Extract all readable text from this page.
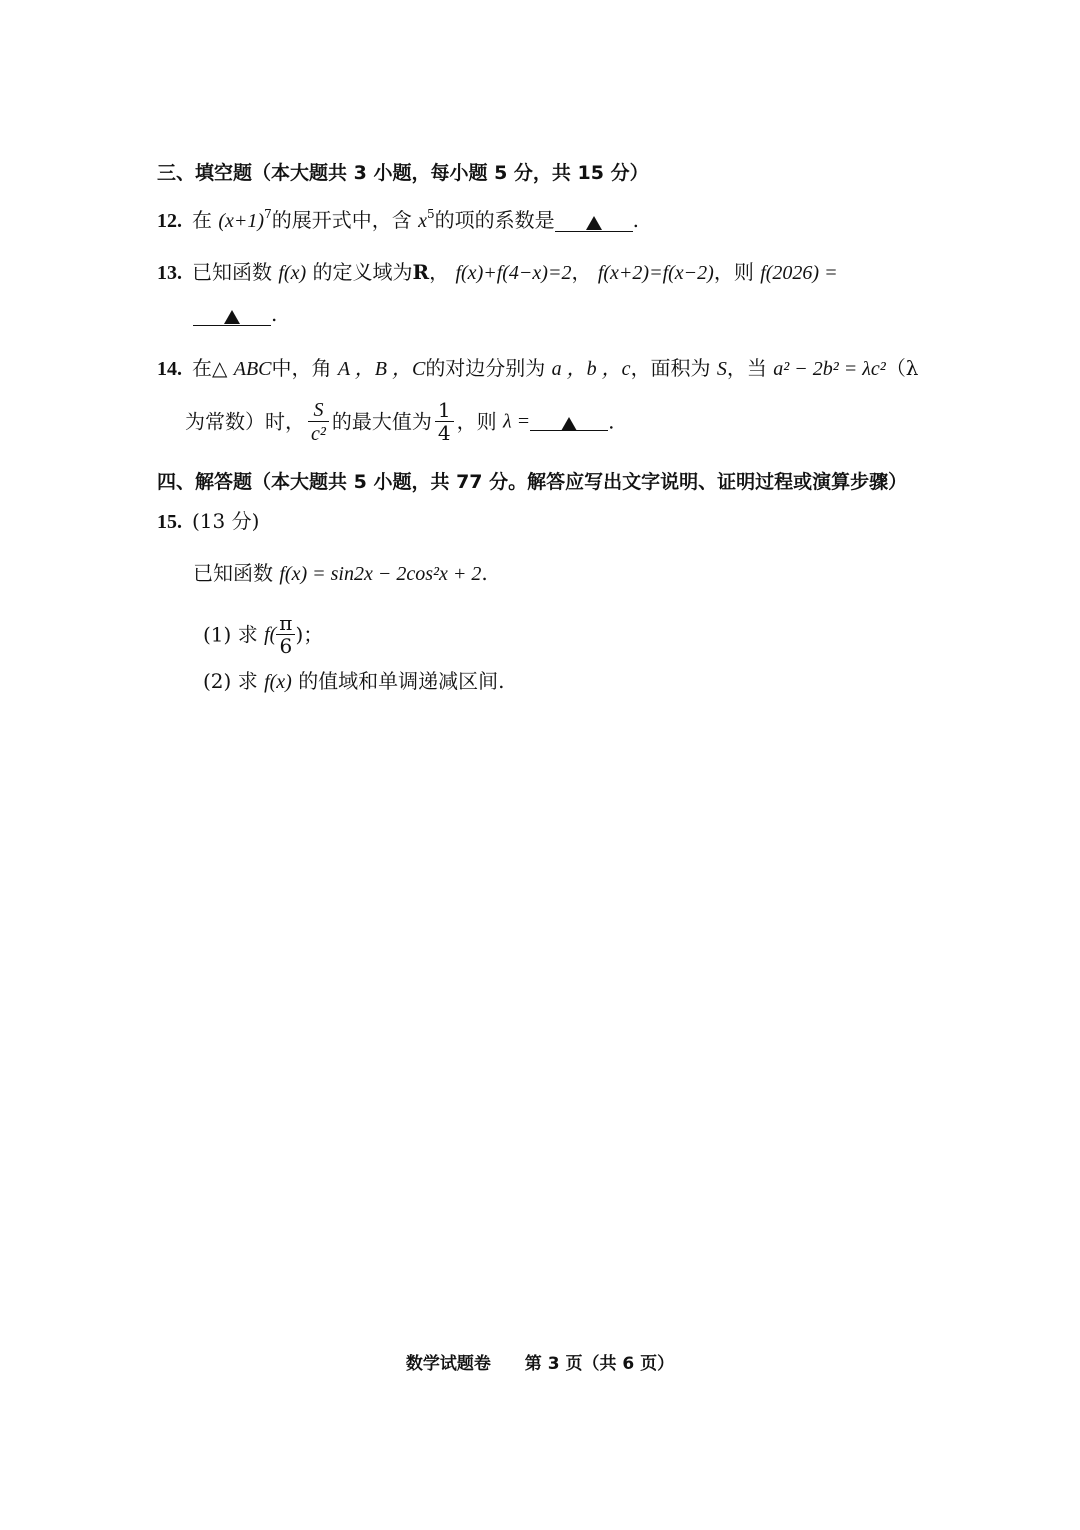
三、填空题（本大题共 3 小题，每小题 5 分，共 15 分）
12. 在 $(x+1)^7$的展开式中，含 $x^5$的项的系数是	.
13. 已知函数 f(x) 的定义域为R， f(x)+f(4−x)=2， f(x+2)=f(x−2)，则 f(2026) =
.
14. 在△ ABC中，角 A ，B ，C的对边分别为 a ，b ，c，面积为 S，当 a² − 2b² = λc²（λ
为常数）时， $\frac{S}{\text{c²}}$ 的最大值为 $\frac{1}{4}$ ，则 λ =	.
四、解答题（本大题共 5 小题，共 77 分。解答应写出文字说明、证明过程或演算步骤）
15. (13 分)
已知函数 f(x) = sin2x − 2cos²x + 2.
(1) 求 $f( \frac{\pi}{6}$ )；
(2) 求 f(x) 的值域和单调递减区间.
数学试题卷 第 3 页（共 6 页）
